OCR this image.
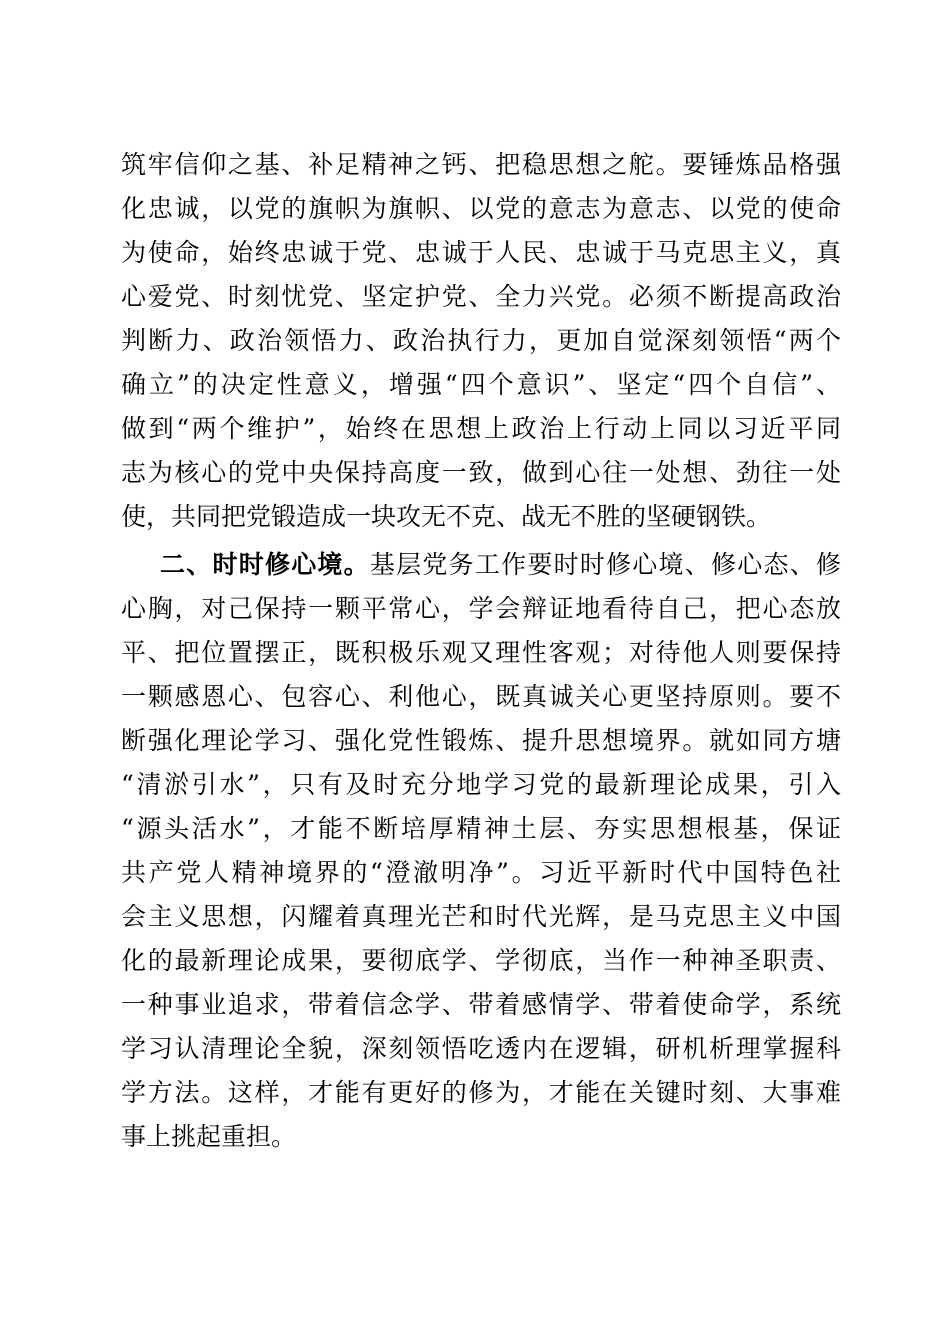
筑牢信仰之基、补足精神之钙、把稳思想之舵。要锤炼品格强
化忠诚，以党的旗帜为旗帜、以党的意志为意志、以党的使命
为使命，始终忠诚于党、忠诚于人民、忠诚于马克思主义，真
心爱党、时刻忧党、坚定护党、全力兴党。必须不断提高政治
判断力、政治领悟力、政治执行力，更加自觉深刻领悟“两个
确立”的决定性意义，增强“四个意识”、坚定“四个自信”、
做到“两个维护”，始终在思想上政治上行动上同以习近平同
志为核心的党中央保持高度一致，做到心往一处想、劲往一处
使，共同把党锻造成一块攻无不克、战无不胜的坚硬钢铁。
二、时时修心境。基层党务工作要时时修心境、修心态、修
心胸，对己保持一颗平常心，学会辩证地看待自己，把心态放
平、把位置摆正，既积极乐观又理性客观；对待他人则要保持
一颗感恩心、包容心、利他心，既真诚关心更坚持原则。要不
断强化理论学习、强化党性锻炼、提升思想境界。就如同方塘
“清淤引水”，只有及时充分地学习党的最新理论成果，引入
“源头活水”，才能不断培厚精神土层、夯实思想根基，保证
共产党人精神境界的“澄澈明净”。习近平新时代中国特色社
会主义思想，闪耀着真理光芒和时代光辉，是马克思主义中国
化的最新理论成果，要彻底学、学彻底，当作一种神圣职责、
一种事业追求，带着信念学、带着感情学、带着使命学，系统
学习认清理论全貌，深刻领悟吃透内在逻辑，研机析理掌握科
学方法。这样，才能有更好的修为，才能在关键时刻、大事难
事上挑起重担。
